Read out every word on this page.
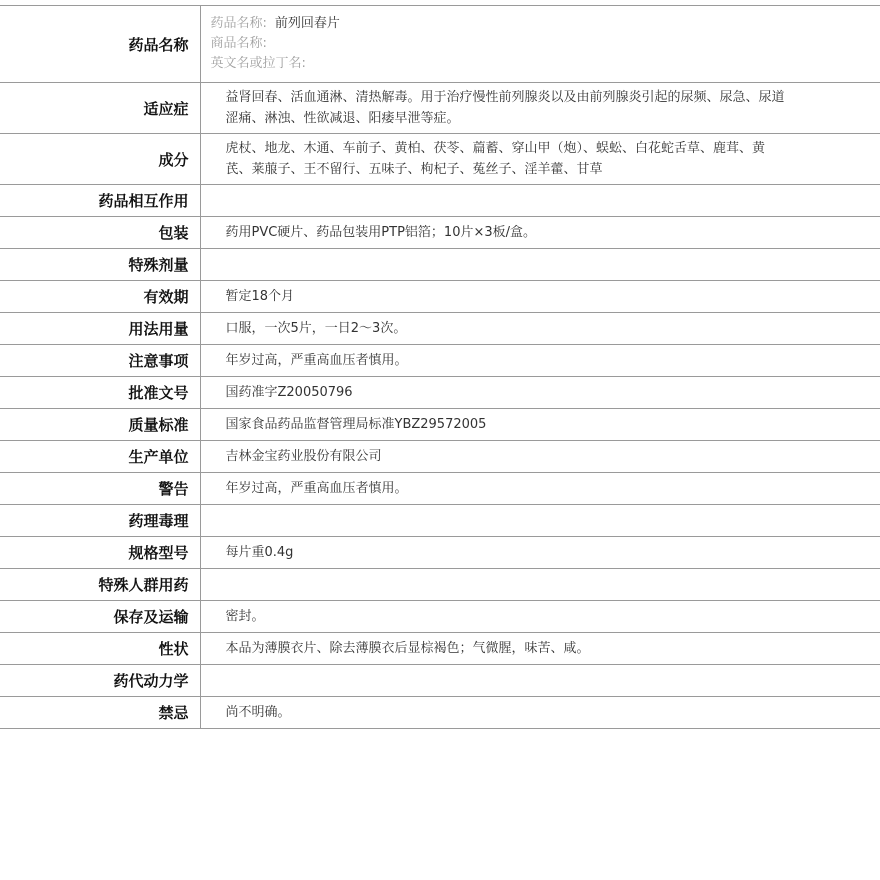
药品名称	药品名称: 前列回春片
商品名称:
英文名或拉丁名:

适应症	益肾回春、活血通淋、清热解毒。用于治疗慢性前列腺炎以及由前列腺炎引起的尿频、尿急、尿道涩痛、淋浊、性欲减退、阳痿早泄等症。
成分	虎杖、地龙、木通、车前子、黄柏、茯苓、萹蓄、穿山甲（炮）、蜈蚣、白花蛇舌草、鹿茸、黄芪、莱菔子、王不留行、五味子、枸杞子、菟丝子、淫羊藿、甘草
药品相互作用	
包装	药用PVC硬片、药品包装用PTP铝箔；10片×3板/盒。
特殊剂量	
有效期	暂定18个月
用法用量	口服，一次5片，一日2～3次。
注意事项	年岁过高，严重高血压者慎用。
批准文号	国药准字Z20050796
质量标准	国家食品药品监督管理局标准YBZ29572005
生产单位	吉林金宝药业股份有限公司
警告	年岁过高，严重高血压者慎用。
药理毒理	
规格型号	每片重0.4g
特殊人群用药	
保存及运输	密封。
性状	本品为薄膜衣片、除去薄膜衣后显棕褐色；气微腥，味苦、咸。
药代动力学	
禁忌	尚不明确。
